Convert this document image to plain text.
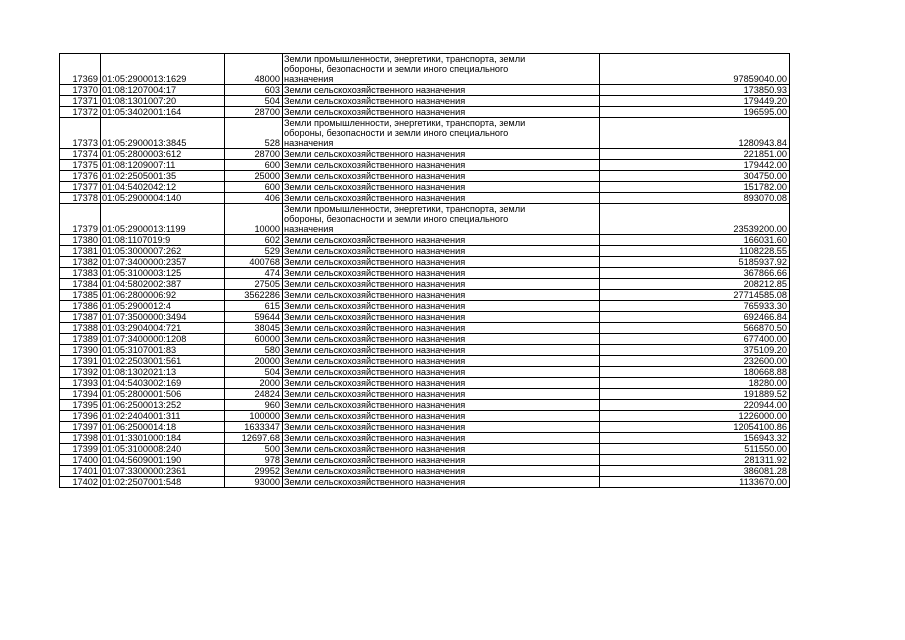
17369	01:05:2900013:1629	48000	Земли промышленности, энергетики, транспорта, земли
обороны, безопасности и земли иного специального
назначения	97859040.00
17370	01:08:1207004:17	603	Земли сельскохозяйственного назначения	173850.93
17371	01:08:1301007:20	504	Земли сельскохозяйственного назначения	179449.20
17372	01:05:3402001:164	28700	Земли сельскохозяйственного назначения	196595.00
17373	01:05:2900013:3845	528	Земли промышленности, энергетики, транспорта, земли
обороны, безопасности и земли иного специального
назначения	1280943.84
17374	01:05:2800003:612	28700	Земли сельскохозяйственного назначения	221851.00
17375	01:08:1209007:11	600	Земли сельскохозяйственного назначения	179442.00
17376	01:02:2505001:35	25000	Земли сельскохозяйственного назначения	304750.00
17377	01:04:5402042:12	600	Земли сельскохозяйственного назначения	151782.00
17378	01:05:2900004:140	406	Земли сельскохозяйственного назначения	893070.08
17379	01:05:2900013:1199	10000	Земли промышленности, энергетики, транспорта, земли
обороны, безопасности и земли иного специального
назначения	23539200.00
17380	01:08:1107019:9	602	Земли сельскохозяйственного назначения	166031.60
17381	01:05:3000007:262	529	Земли сельскохозяйственного назначения	1108228.55
17382	01:07:3400000:2357	400768	Земли сельскохозяйственного назначения	5185937.92
17383	01:05:3100003:125	474	Земли сельскохозяйственного назначения	367866.66
17384	01:04:5802002:387	27505	Земли сельскохозяйственного назначения	208212.85
17385	01:06:2800006:92	3562286	Земли сельскохозяйственного назначения	27714585.08
17386	01:05:2900012:4	615	Земли сельскохозяйственного назначения	765933.30
17387	01:07:3500000:3494	59644	Земли сельскохозяйственного назначения	692466.84
17388	01:03:2904004:721	38045	Земли сельскохозяйственного назначения	566870.50
17389	01:07:3400000:1208	60000	Земли сельскохозяйственного назначения	677400.00
17390	01:05:3107001:83	580	Земли сельскохозяйственного назначения	375109.20
17391	01:02:2503001:561	20000	Земли сельскохозяйственного назначения	232600.00
17392	01:08:1302021:13	504	Земли сельскохозяйственного назначения	180668.88
17393	01:04:5403002:169	2000	Земли сельскохозяйственного назначения	18280.00
17394	01:05:2800001:506	24824	Земли сельскохозяйственного назначения	191889.52
17395	01:06:2500013:252	960	Земли сельскохозяйственного назначения	220944.00
17396	01:02:2404001:311	100000	Земли сельскохозяйственного назначения	1226000.00
17397	01:06:2500014:18	1633347	Земли сельскохозяйственного назначения	12054100.86
17398	01:01:3301000:184	12697.68	Земли сельскохозяйственного назначения	156943.32
17399	01:05:3100008:240	500	Земли сельскохозяйственного назначения	511550.00
17400	01:04:5609001:190	978	Земли сельскохозяйственного назначения	281311.92
17401	01:07:3300000:2361	29952	Земли сельскохозяйственного назначения	386081.28
17402	01:02:2507001:548	93000	Земли сельскохозяйственного назначения	1133670.00
